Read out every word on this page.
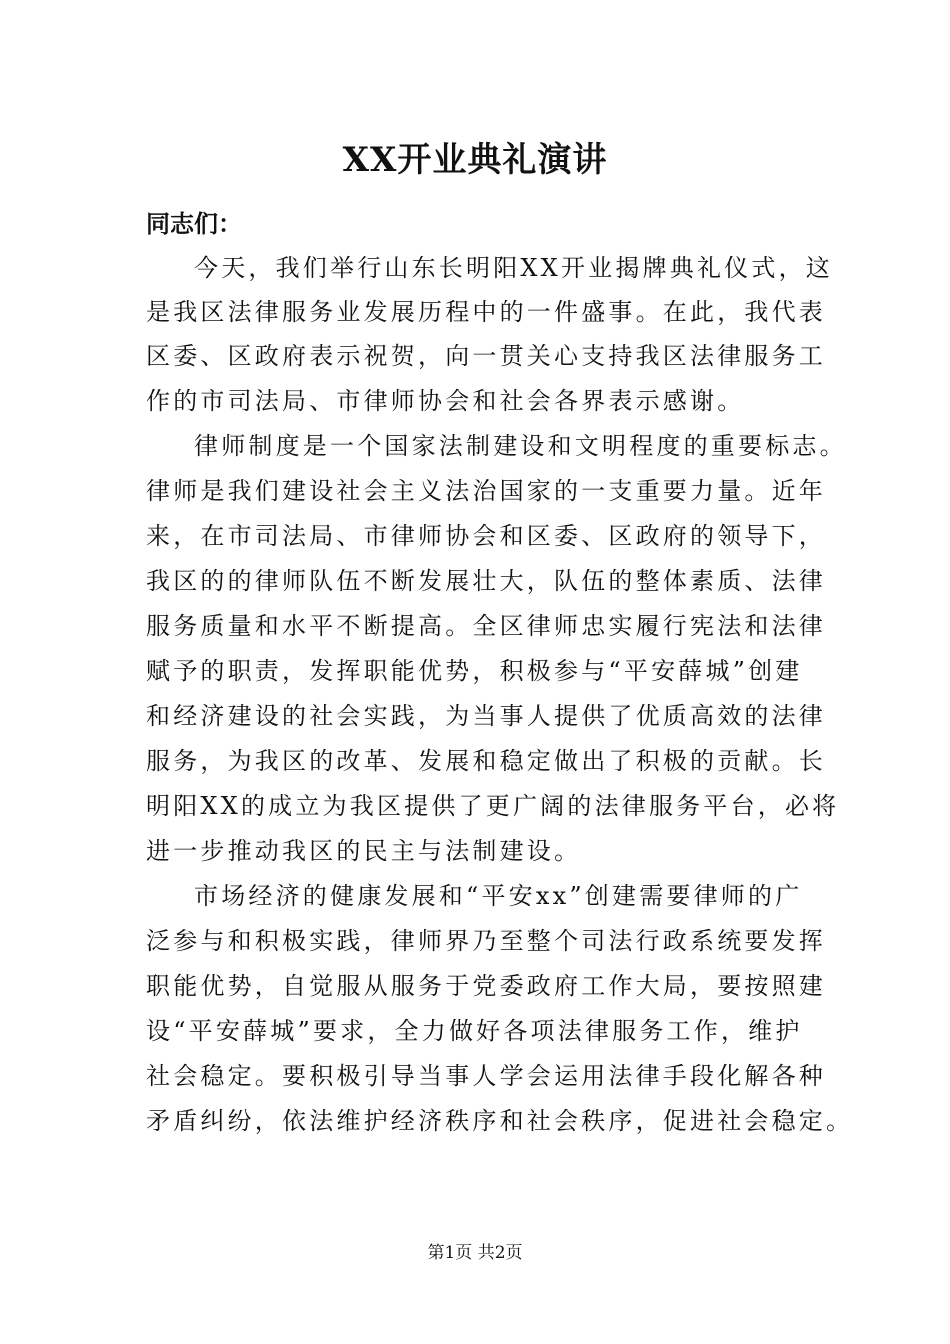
XX开业典礼演讲
同志们：
今天，我们举行山东长明阳XX开业揭牌典礼仪式，这
是我区法律服务业发展历程中的一件盛事。在此，我代表
区委、区政府表示祝贺，向一贯关心支持我区法律服务工
作的市司法局、市律师协会和社会各界表示感谢。
律师制度是一个国家法制建设和文明程度的重要标志。
律师是我们建设社会主义法治国家的一支重要力量。近年
来，在市司法局、市律师协会和区委、区政府的领导下，
我区的的律师队伍不断发展壮大，队伍的整体素质、法律
服务质量和水平不断提高。全区律师忠实履行宪法和法律
赋予的职责，发挥职能优势，积极参与“平安薛城”创建
和经济建设的社会实践，为当事人提供了优质高效的法律
服务，为我区的改革、发展和稳定做出了积极的贡献。长
明阳XX的成立为我区提供了更广阔的法律服务平台，必将
进一步推动我区的民主与法制建设。
市场经济的健康发展和“平安xx”创建需要律师的广
泛参与和积极实践，律师界乃至整个司法行政系统要发挥
职能优势，自觉服从服务于党委政府工作大局，要按照建
设“平安薛城”要求，全力做好各项法律服务工作，维护
社会稳定。要积极引导当事人学会运用法律手段化解各种
矛盾纠纷，依法维护经济秩序和社会秩序，促进社会稳定。
第1页 共2页
